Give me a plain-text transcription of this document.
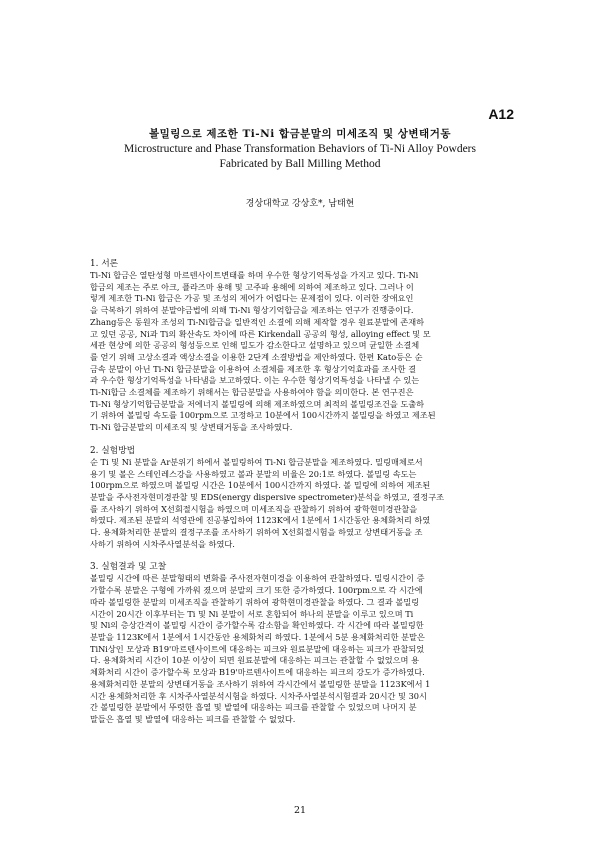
A12

볼밀링으로 제조한 Ti-Ni 합금분말의 미세조직 및 상변태거동

Microstructure and Phase Transformation Behaviors of Ti-Ni Alloy Powders

Fabricated by Ball Milling Method

경상대학교 강상호*, 남태현

1. 서론

Ti-Ni 합금은 열탄성형 마르텐사이트변태를 하며 우수한 형상기억특성을 가지고 있다. Ti-Ni

합금의 제조는 주로 아크, 플라즈마 용해 및 고주파 용해에 의하여 제조하고 있다. 그러나 이

렇게 제조한 Ti-Ni 합금은 가공 및 조성의 제어가 어렵다는 문제점이 있다. 이러한 장애요인

을 극복하기 위하여 분말야금법에 의해 Ti-Ni 형상기억합금을 제조하는 연구가 진행중이다.

Zhang등은 동원자 조성의 Ti-Ni합금을 일반적인 소결에 의해 제작할 경우 원료분말에 존재하

고 있던 공공, Ni과 Ti의 확산속도 차이에 따른 Kirkendall 공공의 형성, alloying effect 및 모

세관 현상에 의한 공공의 형성등으로 인해 밀도가 감소한다고 설명하고 있으며 균일한 소결체

를 얻기 위해 고상소결과 액상소결을 이용한 2단계 소결방법을 제안하였다. 한편 Kato등은 순

금속 분말이 아닌 Ti-Ni 합금분말을 이용하여 소결체를 제조한 후 형상기억효과를 조사한 결

과 우수한 형상기억특성을 나타냄을 보고하였다. 이는 우수한 형상기억특성을 나타낼 수 있는

Ti-Ni합금 소결체를 제조하기 위해서는 합금분말을 사용하여야 함을 의미한다. 본 연구진은

Ti-Ni 형상기억합금분말을 저에너지 볼밀링에 의해 제조하였으며 최적의 볼밀링조건을 도출하

기 위하여 볼밀링 속도를 100rpm으로 고정하고 10분에서 100시간까지 볼밀링을 하였고 제조된

Ti-Ni 합금분말의 미세조직 및 상변태거동을 조사하였다.

2. 실험방법

순 Ti 및 Ni 분말을 Ar분위기 하에서 볼밀링하여 Ti-Ni 합금분말을 제조하였다. 밀링매체로서

용기 및 볼은 스테인레스강을 사용하였고 볼과 분말의 비율은 20:1로 하였다. 볼밀링 속도는

100rpm으로 하였으며 볼밀링 시간은 10분에서 100시간까지 하였다. 볼 밀링에 의하여 제조된

분말을 주사전자현미경관찰 및 EDS(energy dispersive spectrometer)분석을 하였고, 결정구조

를 조사하기 위하여 X선회절시험을 하였으며 미세조직을 관찰하기 위하여 광학현미경관찰을

하였다. 제조된 분말의 석영관에 진공봉입하여 1123K에서 1분에서 1시간동안 용체화처리 하였

다. 용체화처리한 분말의 결정구조를 조사하기 위하여 X선회절시험을 하였고 상변태거동을 조

사하기 위하여 시차주사열분석을 하였다.

3. 실험결과 및 고찰

볼밀링 시간에 따른 분말형태의 변화를 주사전자현미경을 이용하여 관찰하였다. 밀링시간이 증

가할수록 분말은 구형에 가까워 졌으며 분말의 크기 또한 증가하였다. 100rpm으로 각 시간에

따라 볼밀링한 분말의 미세조직을 관찰하기 위하여 광학현미경관찰을 하였다. 그 결과 볼밀링

시간이 20시간 이후부터는 Ti 및 Ni 분말이 서로 혼합되어 하나의 분말을 이루고 있으며 Ti

및 Ni의 층상간격이 볼밀링 시간이 증가할수록 감소함을 확인하였다. 각 시간에 따라 볼밀링한

분말을 1123K에서 1분에서 1시간동안 용체화처리 하였다. 1분에서 5분 용체화처리한 분말은

TiNi상인 모상과 B19'마르텐사이트에 대응하는 피크와 원료분말에 대응하는 피크가 관찰되었

다. 용체화처리 시간이 10분 이상이 되면 원료분말에 대응하는 피크는 관찰할 수 없었으며 용

체화처리 시간이 증가할수록 모상과 B19'마르텐사이트에 대응하는 피크의 강도가 증가하였다.

용체화처리한 분말의 상변태거동을 조사하기 위하여 각시간에서 볼밀링한 분말을 1123K에서 1

시간 용체화처리한 후 시차주사열분석시험을 하였다. 시차주사열분석시험결과 20시간 및 30시

간 볼밀링한 분말에서 뚜렷한 흡열 및 발열에 대응하는 피크를 관찰할 수 있었으며 나머지 분

말들은 흡열 및 발열에 대응하는 피크를 관찰할 수 없었다.

21
